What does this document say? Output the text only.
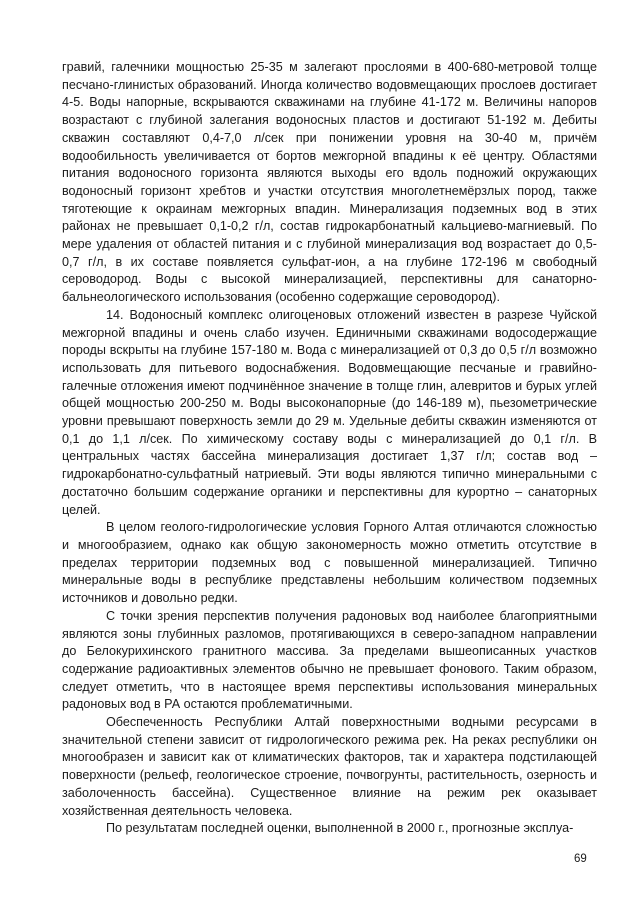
гравий, галечники мощностью 25-35 м залегают прослоями в 400-680-метровой толще песчано-глинистых образований. Иногда количество водовмещающих прослоев достигает 4-5. Воды напорные, вскрываются скважинами на глубине 41-172 м. Величины напоров возрастают с глубиной залегания водоносных пластов и достигают 51-192 м. Дебиты скважин составляют 0,4-7,0 л/сек при понижении уровня на 30-40 м, причём водообильность увеличивается от бортов межгорной впадины к её центру. Областями питания водоносного горизонта являются выходы его вдоль подножий окружающих водоносный горизонт хребтов и участки отсутствия многолетнемёрзлых пород, также тяготеющие к окраинам межгорных впадин. Минерализация подземных вод в этих районах не превышает 0,1-0,2 г/л, состав гидрокарбонатный кальциево-магниевый. По мере удаления от областей питания и с глубиной минерализация вод возрастает до 0,5-0,7 г/л, в их составе появляется сульфат-ион, а на глубине 172-196 м свободный сероводород. Воды с высокой минерализацией, перспективны для санаторно-бальнеологического использования (особенно содержащие сероводород).

14. Водоносный комплекс олигоценовых отложений известен в разрезе Чуйской межгорной впадины и очень слабо изучен. Единичными скважинами водосодержащие породы вскрыты на глубине 157-180 м. Вода с минерализацией от 0,3 до 0,5 г/л возможно использовать для питьевого водоснабжения. Водовмещающие песчаные и гравийно-галечные отложения имеют подчинённое значение в толще глин, алевритов и бурых углей общей мощностью 200-250 м. Воды высоконапорные (до 146-189 м), пьезометрические уровни превышают поверхность земли до 29 м. Удельные дебиты скважин изменяются от 0,1 до 1,1 л/сек. По химическому составу воды с минерализацией до 0,1 г/л. В центральных частях бассейна минерализация достигает 1,37 г/л; состав вод – гидрокарбонатно-сульфатный натриевый. Эти воды являются типично минеральными с достаточно большим содержание органики и перспективны для курортно – санаторных целей.

В целом геолого-гидрологические условия Горного Алтая отличаются сложностью и многообразием, однако как общую закономерность можно отметить отсутствие в пределах территории подземных вод с повышенной минерализацией. Типично минеральные воды в республике представлены небольшим количеством подземных источников и довольно редки.

С точки зрения перспектив получения радоновых вод наиболее благоприятными являются зоны глубинных разломов, протягивающихся в северо-западном направлении до Белокурихинского гранитного массива. За пределами вышеописанных участков содержание радиоактивных элементов обычно не превышает фонового. Таким образом, следует отметить, что в настоящее время перспективы использования минеральных радоновых вод в РА остаются проблематичными.

Обеспеченность Республики Алтай поверхностными водными ресурсами в значительной степени зависит от гидрологического режима рек. На реках республики он многообразен и зависит как от климатических факторов, так и характера подстилающей поверхности (рельеф, геологическое строение, почвогрунты, растительность, озерность и заболоченность бассейна). Существенное влияние на режим рек оказывает хозяйственная деятельность человека.

По результатам последней оценки, выполненной в 2000 г., прогнозные эксплуа-

69
